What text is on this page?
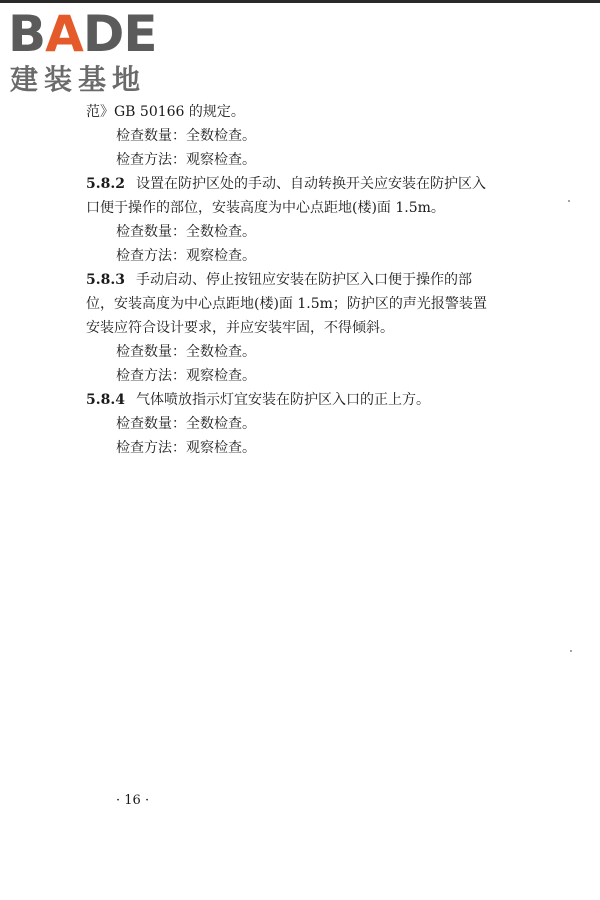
BADE
建装基地
范》GB 50166 的规定。
检查数量：全数检查。
检查方法：观察检查。
5.8.2 设置在防护区处的手动、自动转换开关应安装在防护区入
口便于操作的部位，安装高度为中心点距地(楼)面 1.5m。
检查数量：全数检查。
检查方法：观察检查。
5.8.3 手动启动、停止按钮应安装在防护区入口便于操作的部
位，安装高度为中心点距地(楼)面 1.5m；防护区的声光报警装置
安装应符合设计要求，并应安装牢固，不得倾斜。
检查数量：全数检查。
检查方法：观察检查。
5.8.4 气体喷放指示灯宜安装在防护区入口的正上方。
检查数量：全数检查。
检查方法：观察检查。
· 16 ·
